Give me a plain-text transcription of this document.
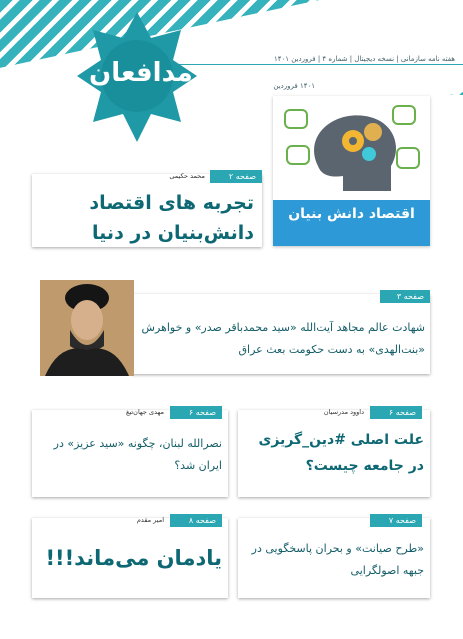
هفته نامه سازمانی | نسخه دیجیتال | شماره ۴ | فروردین ۱۴۰۱
۱۴۰۱ فروردین
مدافعان
اقتصاد دانش بنیان
صفحه ۲
محمد حکیمی
تجربه های اقتصاد دانش‌بنیان در دنیا
صفحه ۳
شهادت عالم مجاهد آیت‌الله «سید محمدباقر صدر» و خواهرش «بنت‌الهدی» به دست حکومت بعث عراق
صفحه ۶
داوود مدرسیان
علت اصلی #دین_گریزی در جامعه چیست؟
صفحه ۶
مهدی جهان‌تیغ
نصرالله لبنان، چگونه «سید عزیز» در ایران شد؟
صفحه ۷
«طرح صیانت» و بحران پاسخگویی در جبهه اصولگرایی
صفحه ۸
امیر مقدم
یادمان می‌ماند!!!
